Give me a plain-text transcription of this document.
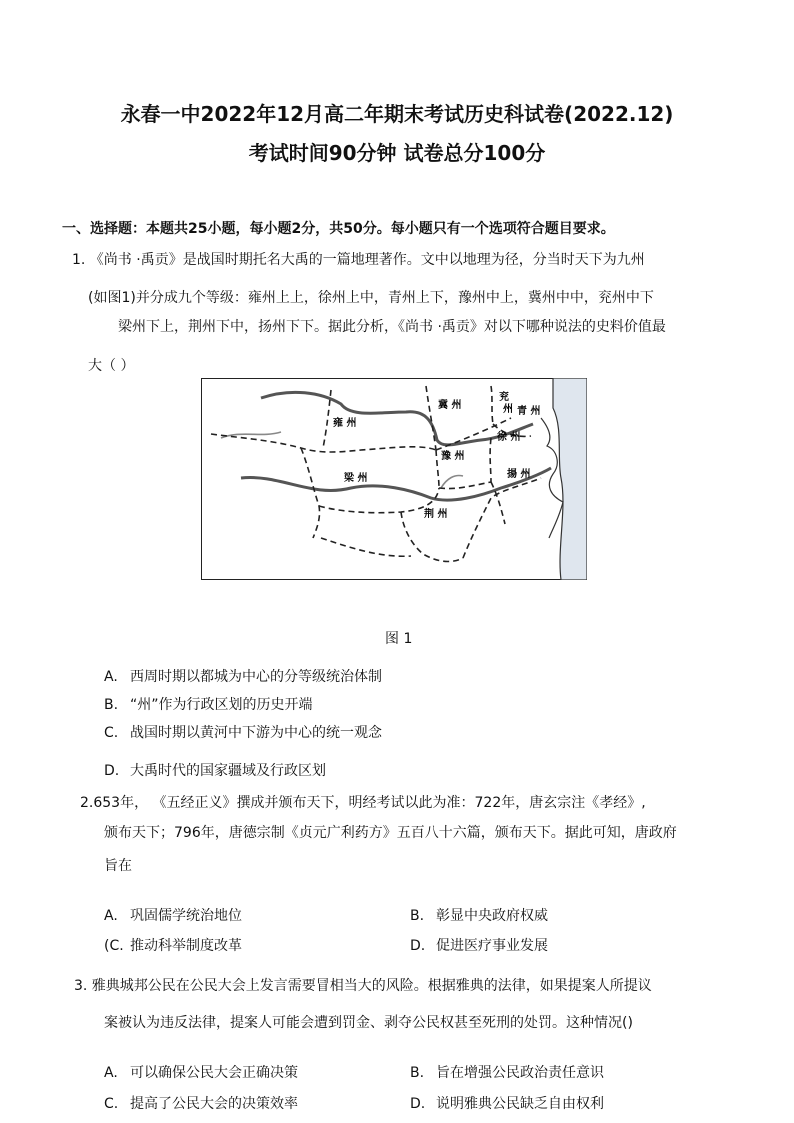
永春一中2022年12月高二年期末考试历史科试卷(2022.12)
考试时间90分钟 试卷总分100分
一、选择题：本题共25小题，每小题2分，共50分。每小题只有一个选项符合题目要求。
1. 《尚书 ·禹贡》是战国时期托名大禹的一篇地理著作。文中以地理为径，分当时天下为九州
(如图1)并分成九个等级：雍州上上，徐州上中，青州上下，豫州中上，冀州中中，兖州中下
梁州下上，荆州下中，扬州下下。据此分析，《尚书 ·禹贡》对以下哪种说法的史料价值最
大（ ）
雍 州
冀 州
兖
州 青 州
徐 州
豫 州
梁 州	揚 州
荆 州
图 1
A. 西周时期以都城为中心的分等级统治体制
B. “州”作为行政区划的历史开端
C. 战国时期以黄河中下游为中心的统一观念
D. 大禹时代的国家疆域及行政区划
2.653年， 《五经正义》撰成并颁布天下，明经考试以此为准：722年，唐玄宗注《孝经》,
颁布天下；796年，唐德宗制《贞元广利药方》五百八十六篇，颁布天下。据此可知，唐政府
旨在
A. 巩固儒学统治地位	B. 彰显中央政府权威
(C. 推动科举制度改革	D. 促进医疗事业发展
3. 雅典城邦公民在公民大会上发言需要冒相当大的风险。根据雅典的法律，如果提案人所提议
案被认为违反法律，提案人可能会遭到罚金、剥夺公民权甚至死刑的处罚。这种情况()
A. 可以确保公民大会正确决策	B. 旨在增强公民政治责任意识
C. 提高了公民大会的决策效率	D. 说明雅典公民缺乏自由权利
